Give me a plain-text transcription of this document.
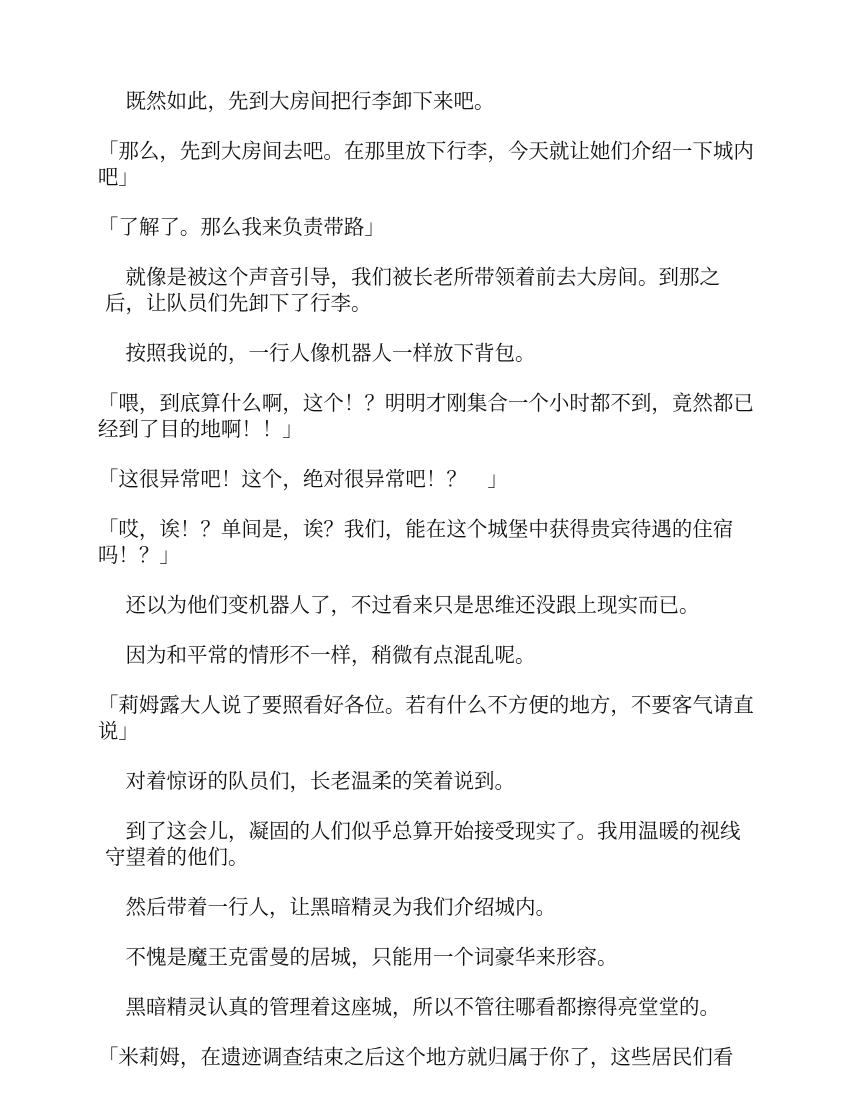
既然如此，先到大房间把行李卸下来吧。

「那么，先到大房间去吧。在那里放下行李，今天就让她们介绍一下城内吧」

「了解了。那么我来负责带路」

就像是被这个声音引导，我们被长老所带领着前去大房间。到那之后，让队员们先卸下了行李。

按照我说的，一行人像机器人一样放下背包。

「喂，到底算什么啊，这个！？明明才刚集合一个小时都不到，竟然都已经到了目的地啊！！」

「这很异常吧！这个，绝对很异常吧！？　」

「哎，诶！？单间是，诶？我们，能在这个城堡中获得贵宾待遇的住宿吗！？」

还以为他们变机器人了，不过看来只是思维还没跟上现实而已。

因为和平常的情形不一样，稍微有点混乱呢。

「莉姆露大人说了要照看好各位。若有什么不方便的地方，不要客气请直说」

对着惊讶的队员们，长老温柔的笑着说到。

到了这会儿，凝固的人们似乎总算开始接受现实了。我用温暖的视线守望着的他们。

然后带着一行人，让黑暗精灵为我们介绍城内。

不愧是魔王克雷曼的居城，只能用一个词豪华来形容。

黑暗精灵认真的管理着这座城，所以不管往哪看都擦得亮堂堂的。

「米莉姆，在遗迹调查结束之后这个地方就归属于你了，这些居民们看
